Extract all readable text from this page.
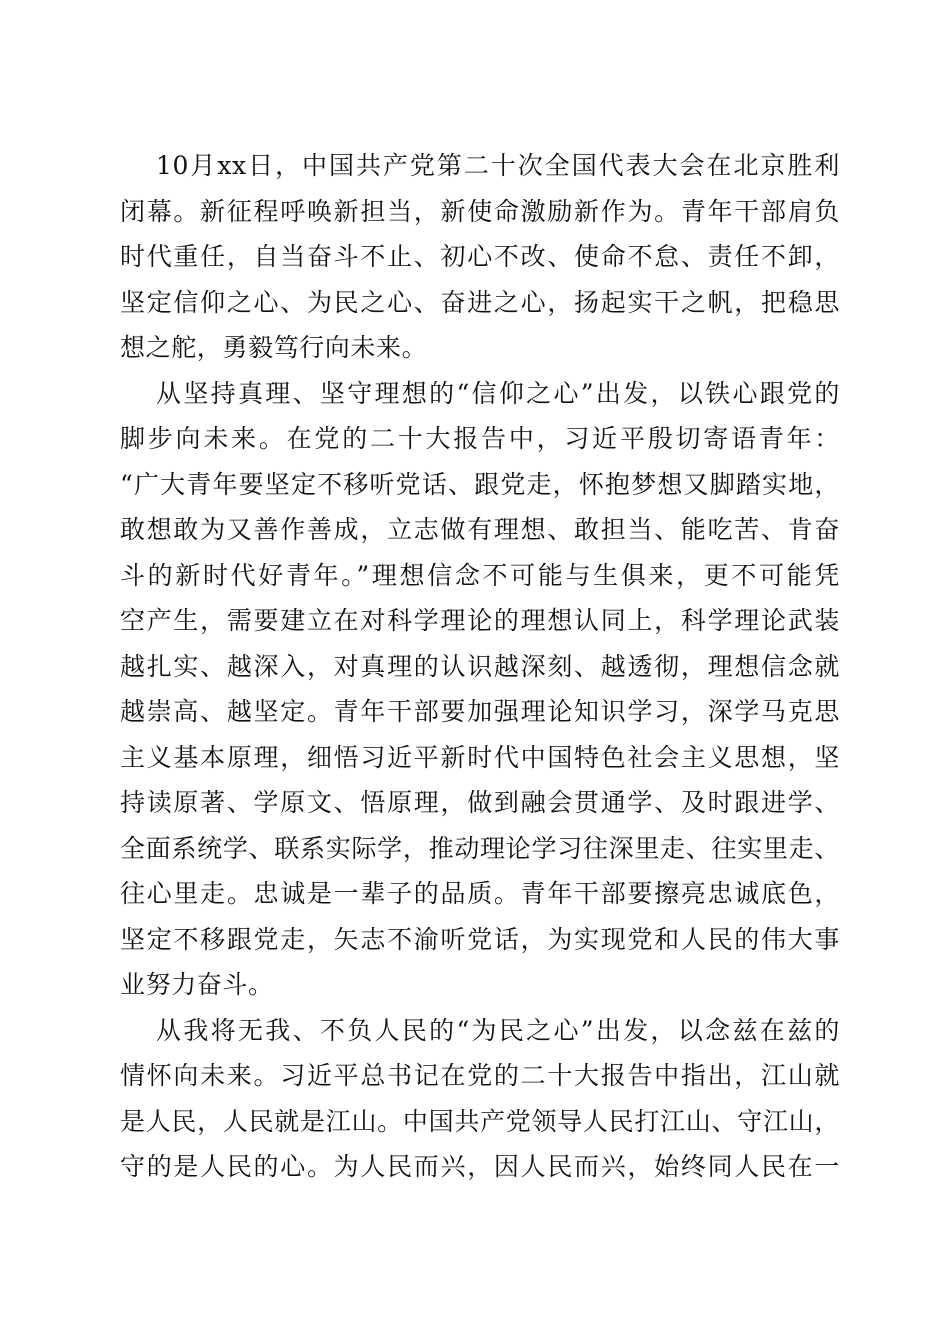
10月xx日，中国共产党第二十次全国代表大会在北京胜利
闭幕。新征程呼唤新担当，新使命激励新作为。青年干部肩负
时代重任，自当奋斗不止、初心不改、使命不怠、责任不卸，
坚定信仰之心、为民之心、奋进之心，扬起实干之帆，把稳思
想之舵，勇毅笃行向未来。
从坚持真理、坚守理想的“信仰之心”出发，以铁心跟党的
脚步向未来。在党的二十大报告中，习近平殷切寄语青年：
“广大青年要坚定不移听党话、跟党走，怀抱梦想又脚踏实地，
敢想敢为又善作善成，立志做有理想、敢担当、能吃苦、肯奋
斗的新时代好青年。”理想信念不可能与生俱来，更不可能凭
空产生，需要建立在对科学理论的理想认同上，科学理论武装
越扎实、越深入，对真理的认识越深刻、越透彻，理想信念就
越崇高、越坚定。青年干部要加强理论知识学习，深学马克思
主义基本原理，细悟习近平新时代中国特色社会主义思想，坚
持读原著、学原文、悟原理，做到融会贯通学、及时跟进学、
全面系统学、联系实际学，推动理论学习往深里走、往实里走、
往心里走。忠诚是一辈子的品质。青年干部要擦亮忠诚底色，
坚定不移跟党走，矢志不渝听党话，为实现党和人民的伟大事
业努力奋斗。
从我将无我、不负人民的“为民之心”出发，以念兹在兹的
情怀向未来。习近平总书记在党的二十大报告中指出，江山就
是人民，人民就是江山。中国共产党领导人民打江山、守江山，
守的是人民的心。为人民而兴，因人民而兴，始终同人民在一
